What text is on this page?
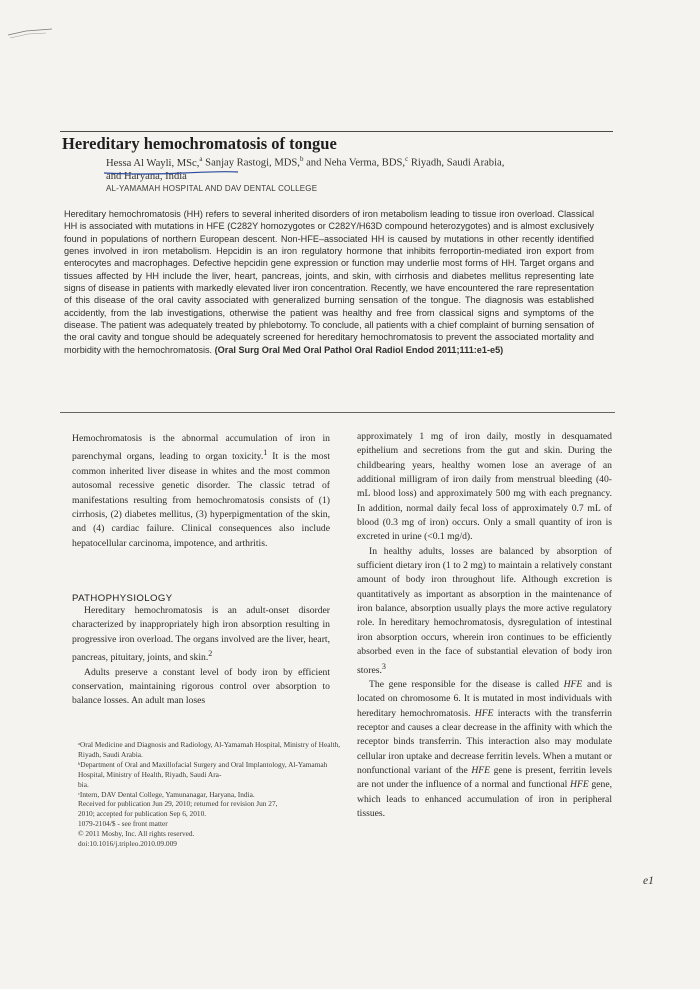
Hereditary hemochromatosis of tongue
Hessa Al Wayli, MSc,$^a$ Sanjay Rastogi, MDS,$^b$ and Neha Verma, BDS,$^c$ Riyadh, Saudi Arabia,
and Haryana, India
AL-YAMAMAH HOSPITAL AND DAV DENTAL COLLEGE

Hereditary hemochromatosis (HH) refers to several inherited disorders of iron metabolism leading to tissue iron overload. Classical HH is associated with mutations in HFE (C282Y homozygotes or C282Y/H63D compound heterozygotes) and is almost exclusively found in populations of northern European descent. Non-HFE–associated HH is caused by mutations in other recently identified genes involved in iron metabolism. Hepcidin is an iron regulatory hormone that inhibits ferroportin-mediated iron export from enterocytes and macrophages. Defective hepcidin gene expression or function may underlie most forms of HH. Target organs and tissues affected by HH include the liver, heart, pancreas, joints, and skin, with cirrhosis and diabetes mellitus representing late signs of disease in patients with markedly elevated liver iron concentration. Recently, we have encountered the rare representation of this disease of the oral cavity associated with generalized burning sensation of the tongue. The diagnosis was established accidently, from the lab investigations, otherwise the patient was healthy and free from classical signs and symptoms of the disease. The patient was adequately treated by phlebotomy. To conclude, all patients with a chief complaint of burning sensation of the oral cavity and tongue should be adequately screened for hereditary hemochromatosis to prevent the associated mortality and morbidity with the hemochromatosis. (Oral Surg Oral Med Oral Pathol Oral Radiol Endod 2011;111:e1-e5)

Hemochromatosis is the abnormal accumulation of iron in parenchymal organs, leading to organ toxicity.$^1$ It is the most common inherited liver disease in whites and the most common autosomal recessive genetic disorder. The classic tetrad of manifestations resulting from hemochromatosis consists of (1) cirrhosis, (2) diabetes mellitus, (3) hyperpigmentation of the skin, and (4) cardiac failure. Clinical consequences also include hepatocellular carcinoma, impotence, and arthritis.

PATHOPHYSIOLOGY

Hereditary hemochromatosis is an adult-onset disorder characterized by inappropriately high iron absorption resulting in progressive iron overload. The organs involved are the liver, heart, pancreas, pituitary, joints, and skin.$^2$

Adults preserve a constant level of body iron by efficient conservation, maintaining rigorous control over absorption to balance losses. An adult man loses

ᵃOral Medicine and Diagnosis and Radiology, Al-Yamamah Hospital, Ministry of Health, Riyadh, Saudi Arabia.
ᵇDepartment of Oral and Maxillofacial Surgery and Oral Implantology, Al-Yamamah Hospital, Ministry of Health, Riyadh, Saudi Ara-
bia.
ᶜIntern, DAV Dental College, Yamunanagar, Haryana, India.
Received for publication Jun 29, 2010; returned for revision Jun 27,
2010; accepted for publication Sep 6, 2010.
1079-2104/$ - see front matter
© 2011 Mosby, Inc. All rights reserved.
doi:10.1016/j.tripleo.2010.09.009

approximately 1 mg of iron daily, mostly in desquamated epithelium and secretions from the gut and skin. During the childbearing years, healthy women lose an average of an additional milligram of iron daily from menstrual bleeding (40-mL blood loss) and approximately 500 mg with each pregnancy. In addition, normal daily fecal loss of approximately 0.7 mL of blood (0.3 mg of iron) occurs. Only a small quantity of iron is excreted in urine (<0.1 mg/d).

In healthy adults, losses are balanced by absorption of sufficient dietary iron (1 to 2 mg) to maintain a relatively constant amount of body iron throughout life. Although excretion is quantitatively as important as absorption in the maintenance of iron balance, absorption usually plays the more active regulatory role. In hereditary hemochromatosis, dysregulation of intestinal iron absorption occurs, wherein iron continues to be efficiently absorbed even in the face of substantial elevation of body iron stores.$^3$

The gene responsible for the disease is called HFE and is located on chromosome 6. It is mutated in most individuals with hereditary hemochromatosis. HFE interacts with the transferrin receptor and causes a clear decrease in the affinity with which the receptor binds transferrin. This interaction also may modulate cellular iron uptake and decrease ferritin levels. When a mutant or nonfunctional variant of the HFE gene is present, ferritin levels are not under the influence of a normal and functional HFE gene, which leads to enhanced accumulation of iron in peripheral tissues.

e1
